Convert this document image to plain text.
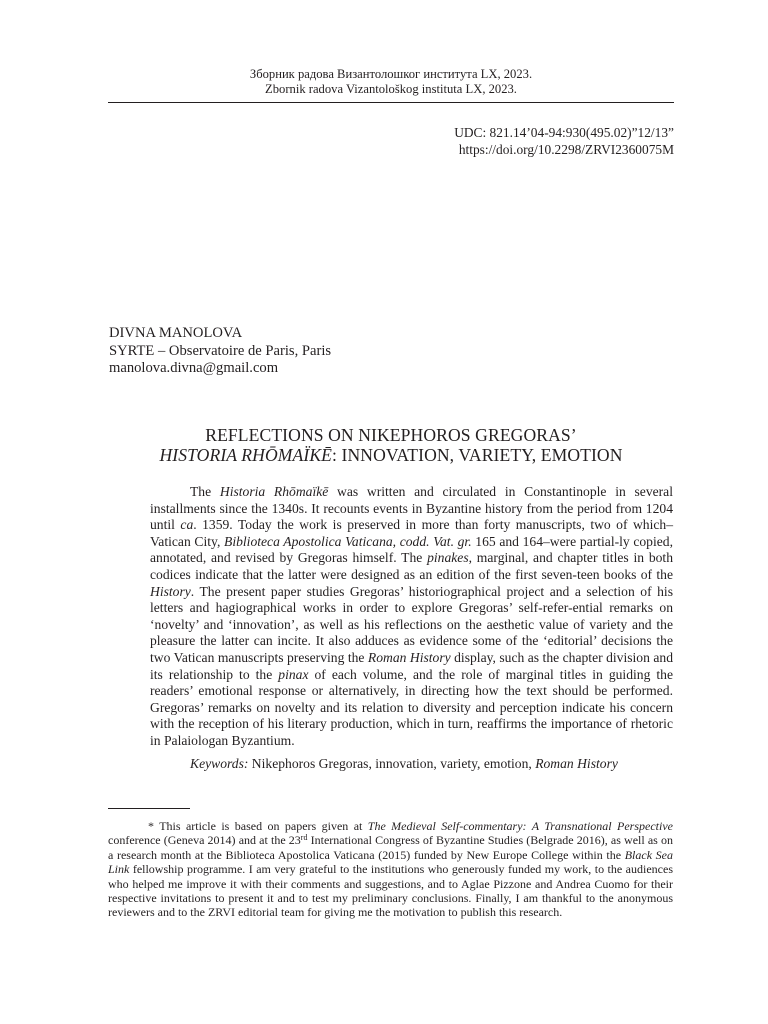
Зборник радова Византолошког института LX, 2023.
Zbornik radova Vizantološkog instituta LX, 2023.
UDC: 821.14’04-94:930(495.02)”12/13”
https://doi.org/10.2298/ZRVI2360075M
DIVNA MANOLOVA
SYRTE – Observatoire de Paris, Paris
manolova.divna@gmail.com
REFLECTIONS ON NIKEPHOROS GREGORAS’
HISTORIA RHŌMAÏKĒ: INNOVATION, VARIETY, EMOTION

The Historia Rhōmaïkē was written and circulated in Constantinople in several installments since the 1340s. It recounts events in Byzantine history from the period from 1204 until ca. 1359. Today the work is preserved in more than forty manuscripts, two of which–Vatican City, Biblioteca Apostolica Vaticana, codd. Vat. gr. 165 and 164–were partial-ly copied, annotated, and revised by Gregoras himself. The pinakes, marginal, and chapter titles in both codices indicate that the latter were designed as an edition of the first seven-teen books of the History. The present paper studies Gregoras’ historiographical project and a selection of his letters and hagiographical works in order to explore Gregoras’ self-refer-ential remarks on ‘novelty’ and ‘innovation’, as well as his reflections on the aesthetic value of variety and the pleasure the latter can incite. It also adduces as evidence some of the ‘editorial’ decisions the two Vatican manuscripts preserving the Roman History display, such as the chapter division and its relationship to the pinax of each volume, and the role of marginal titles in guiding the readers’ emotional response or alternatively, in directing how the text should be performed. Gregoras’ remarks on novelty and its relation to diversity and perception indicate his concern with the reception of his literary production, which in turn, reaffirms the importance of rhetoric in Palaiologan Byzantium.

Keywords: Nikephoros Gregoras, innovation, variety, emotion, Roman History

* This article is based on papers given at The Medieval Self-commentary: A Transnational Perspective conference (Geneva 2014) and at the 23rd International Congress of Byzantine Studies (Belgrade 2016), as well as on a research month at the Biblioteca Apostolica Vaticana (2015) funded by New Europe College within the Black Sea Link fellowship programme. I am very grateful to the institutions who generously funded my work, to the audiences who helped me improve it with their comments and suggestions, and to Aglae Pizzone and Andrea Cuomo for their respective invitations to present it and to test my preliminary conclusions. Finally, I am thankful to the anonymous reviewers and to the ZRVI editorial team for giving me the motivation to publish this research.
